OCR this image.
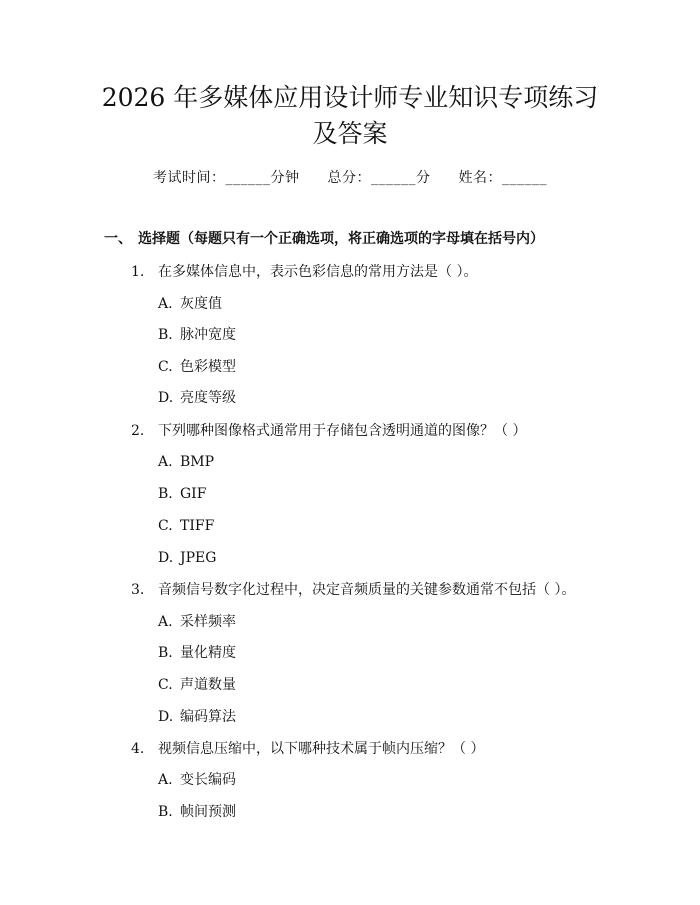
2026 年多媒体应用设计师专业知识专项练习
及答案
考试时间：______分钟 总分：______分 姓名：______
一、 选择题（每题只有一个正确选项，将正确选项的字母填在括号内）
1. 在多媒体信息中，表示色彩信息的常用方法是（ ）。
A. 灰度值
B. 脉冲宽度
C. 色彩模型
D. 亮度等级
2. 下列哪种图像格式通常用于存储包含透明通道的图像？（ ）
A. BMP
B. GIF
C. TIFF
D. JPEG
3. 音频信号数字化过程中，决定音频质量的关键参数通常不包括（ ）。
A. 采样频率
B. 量化精度
C. 声道数量
D. 编码算法
4. 视频信息压缩中，以下哪种技术属于帧内压缩？（ ）
A. 变长编码
B. 帧间预测
